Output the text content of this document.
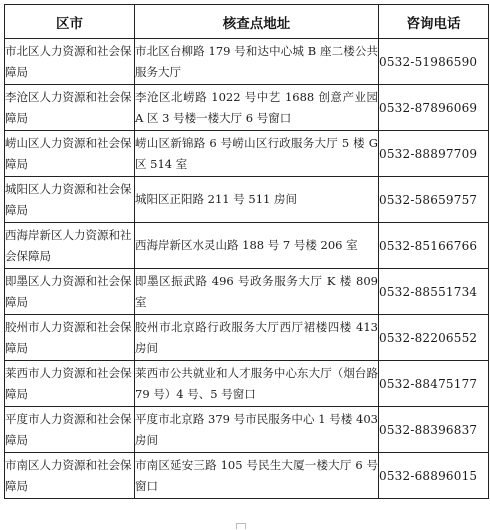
区市	核查点地址	咨询电话
市北区人力资源和社会保障局	市北区台柳路 179 号和达中心城 B 座二楼公共服务大厅	0532-51986590
李沧区人力资源和社会保障局	李沧区北崂路 1022 号中艺 1688 创意产业园 A 区 3 号楼一楼大厅 6 号窗口	0532-87896069
崂山区人力资源和社会保障局	崂山区新锦路 6 号崂山区行政服务大厅 5 楼 G 区 514 室	0532-88897709
城阳区人力资源和社会保障局	城阳区正阳路 211 号 511 房间	0532-58659757
西海岸新区人力资源和社会保障局	西海岸新区水灵山路 188 号 7 号楼 206 室	0532-85166766
即墨区人力资源和社会保障局	即墨区振武路 496 号政务服务大厅 K 楼 809 室	0532-88551734
胶州市人力资源和社会保障局	胶州市北京路行政服务大厅西厅裙楼四楼 413 房间	0532-82206552
莱西市人力资源和社会保障局	莱西市公共就业和人才服务中心东大厅（烟台路 79 号）4 号、5 号窗口	0532-88475177
平度市人力资源和社会保障局	平度市北京路 379 号市民服务中心 1 号楼 403 房间	0532-88396837
市南区人力资源和社会保障局	市南区延安三路 105 号民生大厦一楼大厅 6 号窗口	0532-68896015
